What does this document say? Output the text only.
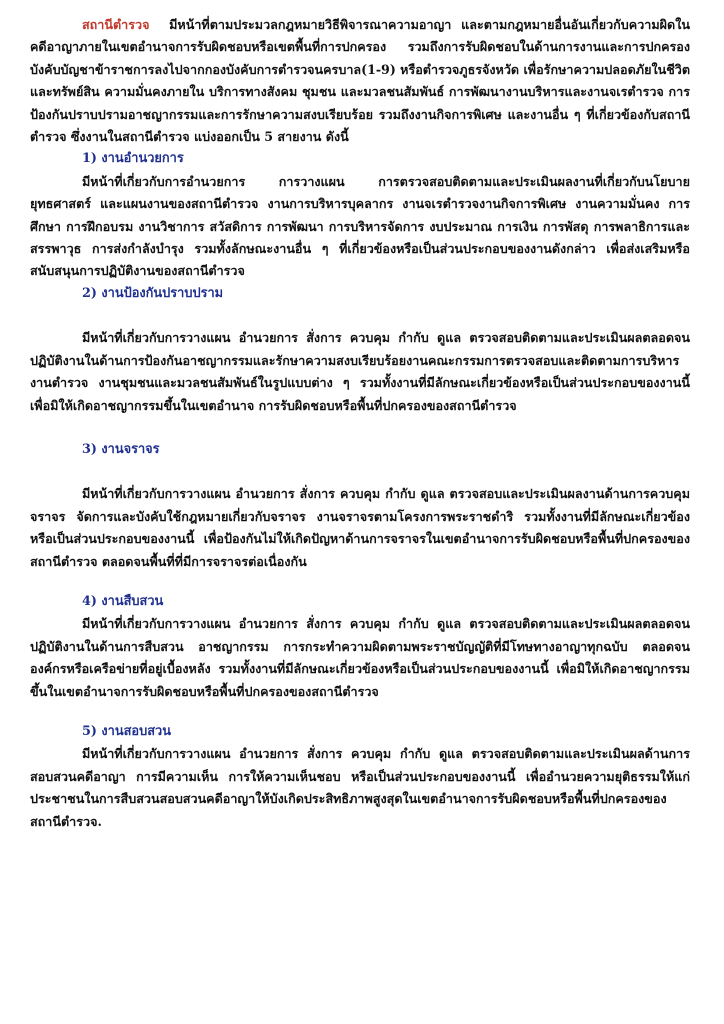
สถานีตำรวจ มีหน้าที่ตามประมวลกฎหมายวิธีพิจารณาความอาญา และตามกฎหมายอื่นอันเกี่ยวกับความผิดในคดีอาญาภายในเขตอำนาจการรับผิดชอบหรือเขตพื้นที่การปกครอง รวมถึงการรับผิดชอบในด้านการงานและการปกครองบังคับบัญชาข้าราชการลงไปจากกองบังคับการตำรวจนครบาล(1-9) หรือตำรวจภูธรจังหวัด เพื่อรักษาความปลอดภัยในชีวิตและทรัพย์สิน ความมั่นคงภายใน บริการทางสังคม ชุมชน และมวลชนสัมพันธ์ การพัฒนางานบริหารและงานจเรตำรวจ การป้องกันปราบปรามอาชญากรรมและการรักษาความสงบเรียบร้อย รวมถึงงานกิจการพิเศษ และงานอื่น ๆ ที่เกี่ยวข้องกับสถานีตำรวจ ซึ่งงานในสถานีตำรวจ แบ่งออกเป็น 5 สายงาน ดังนี้

1) งานอำนวยการ

มีหน้าที่เกี่ยวกับการอำนวยการ การวางแผน การตรวจสอบติดตามและประเมินผลงานที่เกี่ยวกับนโยบาย ยุทธศาสตร์ และแผนงานของสถานีตำรวจ งานการบริหารบุคลากร งานจเรตำรวจงานกิจการพิเศษ งานความมั่นคง การศึกษา การฝึกอบรม งานวิชาการ สวัสดิการ การพัฒนา การบริหารจัดการ งบประมาณ การเงิน การพัสดุ การพลาธิการและสรรพาวุธ การส่งกำลังบำรุง รวมทั้งลักษณะงานอื่น ๆ ที่เกี่ยวข้องหรือเป็นส่วนประกอบของงานดังกล่าว เพื่อส่งเสริมหรือสนับสนุนการปฏิบัติงานของสถานีตำรวจ

2) งานป้องกันปราบปราม

มีหน้าที่เกี่ยวกับการวางแผน อำนวยการ สั่งการ ควบคุม กำกับ ดูแล ตรวจสอบติดตามและประเมินผลตลอดจนปฏิบัติงานในด้านการป้องกันอาชญากรรมและรักษาความสงบเรียบร้อยงานคณะกรรมการตรวจสอบและติดตามการบริหารงานตำรวจ งานชุมชนและมวลชนสัมพันธ์ในรูปแบบต่าง ๆ รวมทั้งงานที่มีลักษณะเกี่ยวข้องหรือเป็นส่วนประกอบของงานนี้ เพื่อมิให้เกิดอาชญากรรมขึ้นในเขตอำนาจ การรับผิดชอบหรือพื้นที่ปกครองของสถานีตำรวจ

3) งานจราจร

มีหน้าที่เกี่ยวกับการวางแผน อำนวยการ สั่งการ ควบคุม กำกับ ดูแล ตรวจสอบและประเมินผลงานด้านการควบคุมจราจร จัดการและบังคับใช้กฎหมายเกี่ยวกับจราจร งานจราจรตามโครงการพระราชดำริ รวมทั้งงานที่มีลักษณะเกี่ยวข้องหรือเป็นส่วนประกอบของงานนี้ เพื่อป้องกันไม่ให้เกิดปัญหาด้านการจราจรในเขตอำนาจการรับผิดชอบหรือพื้นที่ปกครองของสถานีตำรวจ ตลอดจนพื้นที่ที่มีการจราจรต่อเนื่องกัน

4) งานสืบสวน

มีหน้าที่เกี่ยวกับการวางแผน อำนวยการ สั่งการ ควบคุม กำกับ ดูแล ตรวจสอบติดตามและประเมินผลตลอดจนปฏิบัติงานในด้านการสืบสวน อาชญากรรม การกระทำความผิดตามพระราชบัญญัติที่มีโทษทางอาญาทุกฉบับ ตลอดจนองค์กรหรือเครือข่ายที่อยู่เบื้องหลัง รวมทั้งงานที่มีลักษณะเกี่ยวข้องหรือเป็นส่วนประกอบของงานนี้ เพื่อมิให้เกิดอาชญากรรมขึ้นในเขตอำนาจการรับผิดชอบหรือพื้นที่ปกครองของสถานีตำรวจ

5) งานสอบสวน

มีหน้าที่เกี่ยวกับการวางแผน อำนวยการ สั่งการ ควบคุม กำกับ ดูแล ตรวจสอบติดตามและประเมินผลด้านการสอบสวนคดีอาญา การมีความเห็น การให้ความเห็นชอบ หรือเป็นส่วนประกอบของงานนี้ เพื่ออำนวยความยุติธรรมให้แก่ประชาชนในการสืบสวนสอบสวนคดีอาญาให้บังเกิดประสิทธิภาพสูงสุดในเขตอำนาจการรับผิดชอบหรือพื้นที่ปกครองของสถานีตำรวจ.
